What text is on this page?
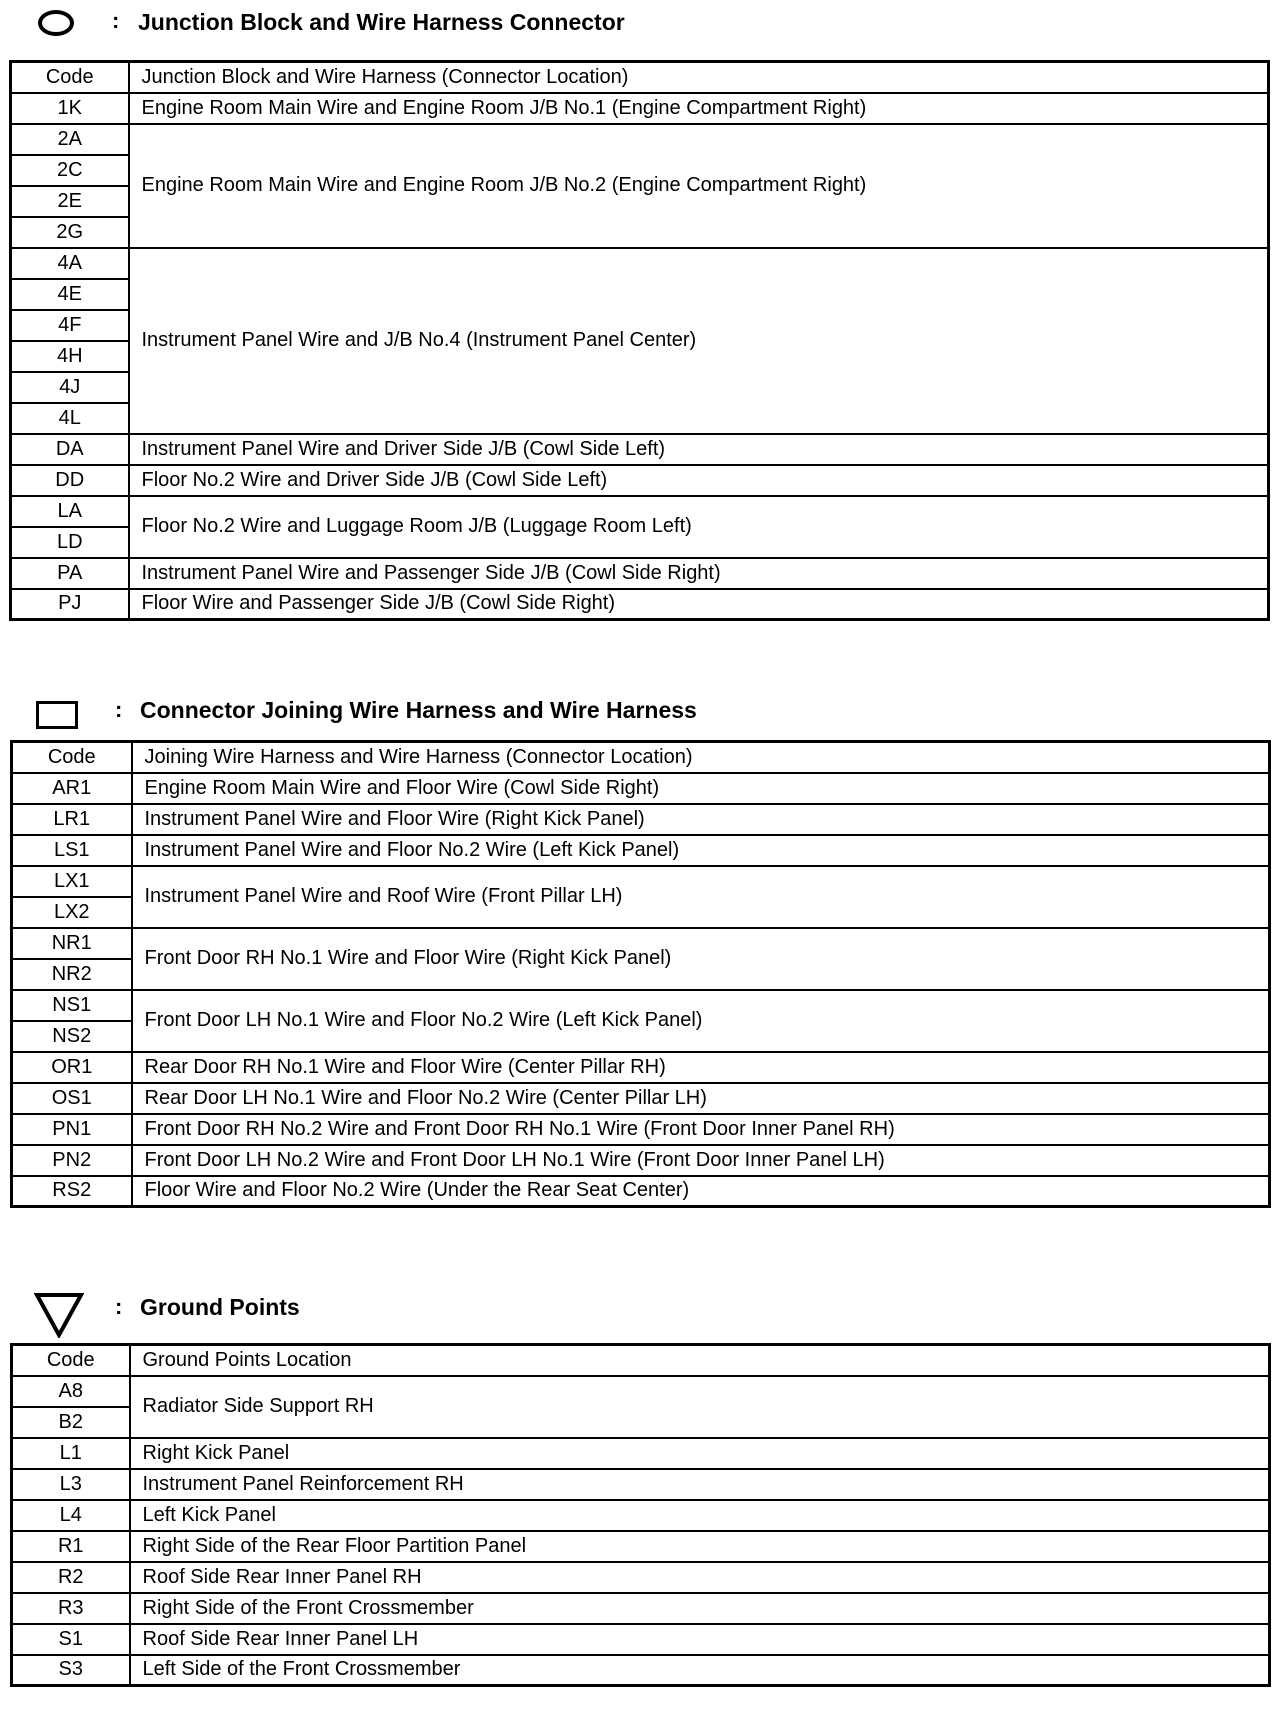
: Junction Block and Wire Harness Connector
Code	Junction Block and Wire Harness (Connector Location)
1K	Engine Room Main Wire and Engine Room J/B No.1 (Engine Compartment Right)
2A	Engine Room Main Wire and Engine Room J/B No.2 (Engine Compartment Right)
2C	
2E	
2G	
4A	Instrument Panel Wire and J/B No.4 (Instrument Panel Center)
4E	
4F	
4H	
4J	
4L	
DA	Instrument Panel Wire and Driver Side J/B (Cowl Side Left)
DD	Floor No.2 Wire and Driver Side J/B (Cowl Side Left)
LA	Floor No.2 Wire and Luggage Room J/B (Luggage Room Left)
LD	
PA	Instrument Panel Wire and Passenger Side J/B (Cowl Side Right)
PJ	Floor Wire and Passenger Side J/B (Cowl Side Right)
: Connector Joining Wire Harness and Wire Harness
Code	Joining Wire Harness and Wire Harness (Connector Location)
AR1	Engine Room Main Wire and Floor Wire (Cowl Side Right)
LR1	Instrument Panel Wire and Floor Wire (Right Kick Panel)
LS1	Instrument Panel Wire and Floor No.2 Wire (Left Kick Panel)
LX1	Instrument Panel Wire and Roof Wire (Front Pillar LH)
LX2	
NR1	Front Door RH No.1 Wire and Floor Wire (Right Kick Panel)
NR2	
NS1	Front Door LH No.1 Wire and Floor No.2 Wire (Left Kick Panel)
NS2	
OR1	Rear Door RH No.1 Wire and Floor Wire (Center Pillar RH)
OS1	Rear Door LH No.1 Wire and Floor No.2 Wire (Center Pillar LH)
PN1	Front Door RH No.2 Wire and Front Door RH No.1 Wire (Front Door Inner Panel RH)
PN2	Front Door LH No.2 Wire and Front Door LH No.1 Wire (Front Door Inner Panel LH)
RS2	Floor Wire and Floor No.2 Wire (Under the Rear Seat Center)
: Ground Points
Code	Ground Points Location
A8	Radiator Side Support RH
B2	
L1	Right Kick Panel
L3	Instrument Panel Reinforcement RH
L4	Left Kick Panel
R1	Right Side of the Rear Floor Partition Panel
R2	Roof Side Rear Inner Panel RH
R3	Right Side of the Front Crossmember
S1	Roof Side Rear Inner Panel LH
S3	Left Side of the Front Crossmember
